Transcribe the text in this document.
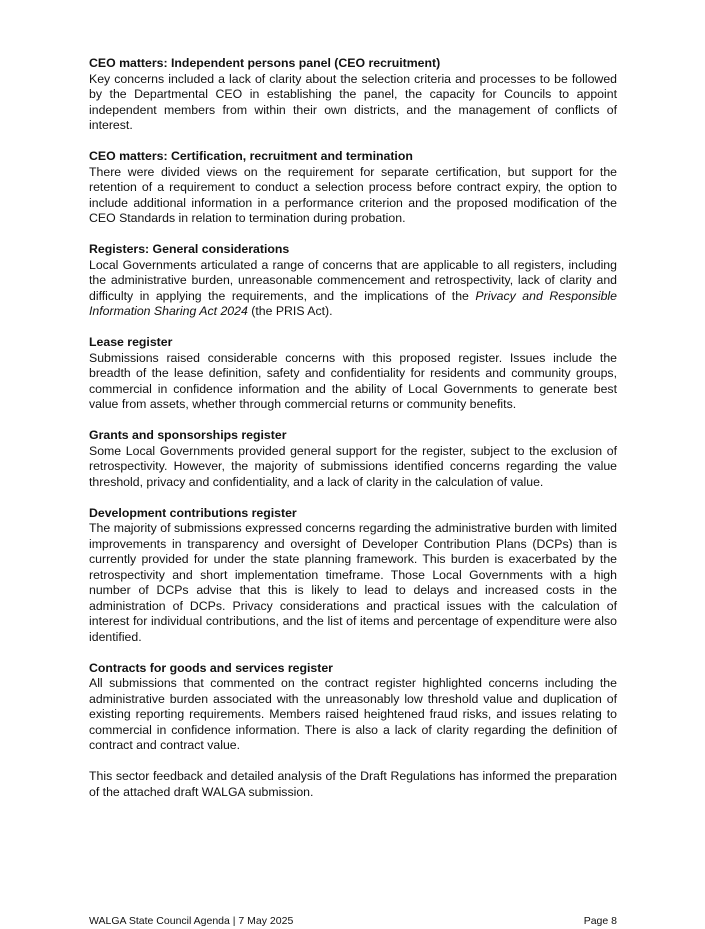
CEO matters: Independent persons panel (CEO recruitment)

Key concerns included a lack of clarity about the selection criteria and processes to be followed by the Departmental CEO in establishing the panel, the capacity for Councils to appoint independent members from within their own districts, and the management of conflicts of interest.

CEO matters: Certification, recruitment and termination

There were divided views on the requirement for separate certification, but support for the retention of a requirement to conduct a selection process before contract expiry, the option to include additional information in a performance criterion and the proposed modification of the CEO Standards in relation to termination during probation.

Registers: General considerations

Local Governments articulated a range of concerns that are applicable to all registers, including the administrative burden, unreasonable commencement and retrospectivity, lack of clarity and difficulty in applying the requirements, and the implications of the Privacy and Responsible Information Sharing Act 2024 (the PRIS Act).

Lease register

Submissions raised considerable concerns with this proposed register. Issues include the breadth of the lease definition, safety and confidentiality for residents and community groups, commercial in confidence information and the ability of Local Governments to generate best value from assets, whether through commercial returns or community benefits.

Grants and sponsorships register

Some Local Governments provided general support for the register, subject to the exclusion of retrospectivity. However, the majority of submissions identified concerns regarding the value threshold, privacy and confidentiality, and a lack of clarity in the calculation of value.

Development contributions register

The majority of submissions expressed concerns regarding the administrative burden with limited improvements in transparency and oversight of Developer Contribution Plans (DCPs) than is currently provided for under the state planning framework. This burden is exacerbated by the retrospectivity and short implementation timeframe. Those Local Governments with a high number of DCPs advise that this is likely to lead to delays and increased costs in the administration of DCPs. Privacy considerations and practical issues with the calculation of interest for individual contributions, and the list of items and percentage of expenditure were also identified.

Contracts for goods and services register

All submissions that commented on the contract register highlighted concerns including the administrative burden associated with the unreasonably low threshold value and duplication of existing reporting requirements. Members raised heightened fraud risks, and issues relating to commercial in confidence information. There is also a lack of clarity regarding the definition of contract and contract value.

This sector feedback and detailed analysis of the Draft Regulations has informed the preparation of the attached draft WALGA submission.

WALGA State Council Agenda | 7 May 2025	Page 8
